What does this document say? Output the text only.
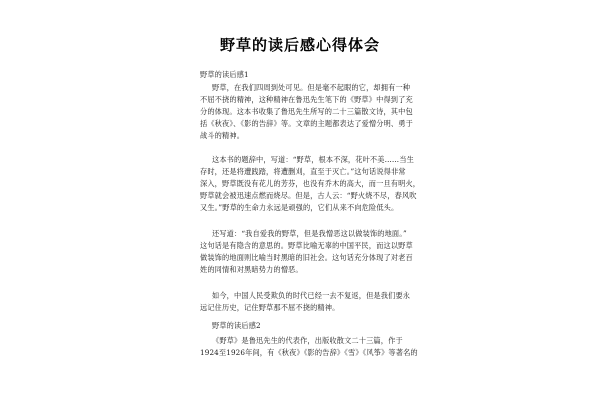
野草的读后感心得体会
野草的读后感1
野草，在我们四周到处可见。但是毫不起眼的它，却拥有一种
不屈不挠的精神，这种精神在鲁迅先生笔下的《野草》中得到了充
分的体现。这本书收集了鲁迅先生所写的二十三篇散文诗，其中包
括《秋夜》、《影的告辞》等。文章的主题都表达了爱憎分明、勇于
战斗的精神。
这本书的题辞中，写道：“野草，根本不深，花叶不美……当生
存时，还是将遭践踏，将遭删刈，直至于灭亡。”这句话说得非常
深入，野草既没有花儿的芳芬，也没有乔木的高大，而一旦有明火，
野草就会被迅速点燃而烧尽。但是，古人云：“野火烧不尽，春风吹
又生。”野草的生命力永远是顽强的，它们从来不向危险低头。
还写道：“我自爱我的野草，但是我憎恶这以做装饰的地面。”
这句话是有隐含的意思的。野草比喻无辜的中国平民，而这以野草
做装饰的地面则比喻当时黑暗的旧社会。这句话充分体现了对老百
姓的同情和对黑暗势力的憎恶。
如今，中国人民受欺负的时代已经一去不复返，但是我们要永
远记住历史，记住野草那不屈不挠的精神。
野草的读后感2
《野草》是鲁迅先生的代表作，出版收散文二十三篇，作于
1924至1926年间，有《秋夜》《影的告辞》《雪》《风筝》等著名的
